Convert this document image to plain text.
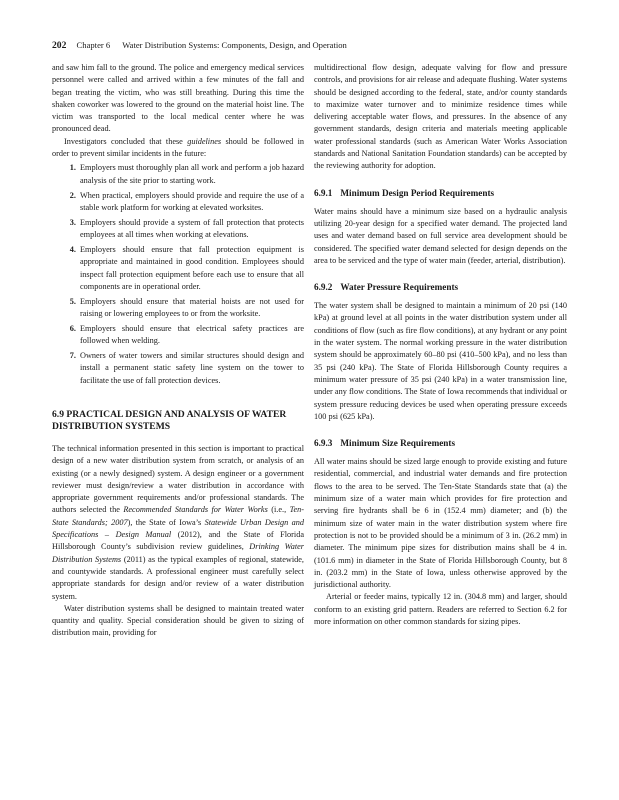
202 Chapter 6 Water Distribution Systems: Components, Design, and Operation

and saw him fall to the ground. The police and emergency medical services personnel were called and arrived within a few minutes of the fall and began treating the victim, who was still breathing. During this time the shaken coworker was lowered to the ground on the material hoist line. The victim was transported to the local medical center where he was pronounced dead.

Investigators concluded that these guidelines should be followed in order to prevent similar incidents in the future:

1. Employers must thoroughly plan all work and perform a job hazard analysis of the site prior to starting work.
2. When practical, employers should provide and require the use of a stable work platform for working at elevated worksites.
3. Employers should provide a system of fall protection that protects employees at all times when working at elevations.
4. Employers should ensure that fall protection equipment is appropriate and maintained in good condition. Employees should inspect fall protection equipment before each use to ensure that all components are in operational order.
5. Employers should ensure that material hoists are not used for raising or lowering employees to or from the worksite.
6. Employers should ensure that electrical safety practices are followed when welding.
7. Owners of water towers and similar structures should design and install a permanent static safety line system on the tower to facilitate the use of fall protection devices.
6.9 PRACTICAL DESIGN AND ANALYSIS OF WATER DISTRIBUTION SYSTEMS

The technical information presented in this section is important to practical design of a new water distribution system from scratch, or analysis of an existing (or a newly designed) system. A design engineer or a government reviewer must design/review a water distribution in accordance with appropriate government requirements and/or professional standards. The authors selected the Recommended Standards for Water Works (i.e., Ten-State Standards; 2007), the State of Iowa’s Statewide Urban Design and Specifications – Design Manual (2012), and the State of Florida Hillsborough County’s subdivision review guidelines, Drinking Water Distribution Systems (2011) as the typical examples of regional, statewide, and countywide standards. A professional engineer must carefully select appropriate standards for design and/or review of a water distribution system.

Water distribution systems shall be designed to maintain treated water quantity and quality. Special consideration should be given to sizing of distribution main, providing for

multidirectional flow design, adequate valving for flow and pressure controls, and provisions for air release and adequate flushing. Water systems should be designed according to the federal, state, and/or county standards to maximize water turnover and to minimize residence times while delivering acceptable water flows, and pressures. In the absence of any government standards, design criteria and materials meeting applicable water professional standards (such as American Water Works Association standards and National Sanitation Foundation standards) can be accepted by the reviewing authority for adoption.

6.9.1 Minimum Design Period Requirements

Water mains should have a minimum size based on a hydraulic analysis utilizing 20-year design for a specified water demand. The projected land uses and water demand based on full service area development should be considered. The specified water demand selected for design depends on the area to be serviced and the type of water main (feeder, arterial, distribution).

6.9.2 Water Pressure Requirements

The water system shall be designed to maintain a minimum of 20 psi (140 kPa) at ground level at all points in the water distribution system under all conditions of flow (such as fire flow conditions), at any hydrant or any point in the water system. The normal working pressure in the water distribution system should be approximately 60–80 psi (410–500 kPa), and no less than 35 psi (240 kPa). The State of Florida Hillsborough County requires a minimum water pressure of 35 psi (240 kPa) in a water transmission line, under any flow conditions. The State of Iowa recommends that individual or system pressure reducing devices be used when operating pressure exceeds 100 psi (625 kPa).

6.9.3 Minimum Size Requirements

All water mains should be sized large enough to provide existing and future residential, commercial, and industrial water demands and fire protection flows to the area to be served. The Ten-State Standards state that (a) the minimum size of a water main which provides for fire protection and serving fire hydrants shall be 6 in (152.4 mm) diameter; and (b) the minimum size of water main in the water distribution system where fire protection is not to be provided should be a minimum of 3 in. (26.2 mm) in diameter. The minimum pipe sizes for distribution mains shall be 4 in. (101.6 mm) in diameter in the State of Florida Hillsborough County, but 8 in. (203.2 mm) in the State of Iowa, unless otherwise approved by the jurisdictional authority.

Arterial or feeder mains, typically 12 in. (304.8 mm) and larger, should conform to an existing grid pattern. Readers are referred to Section 6.2 for more information on other common standards for sizing pipes.
